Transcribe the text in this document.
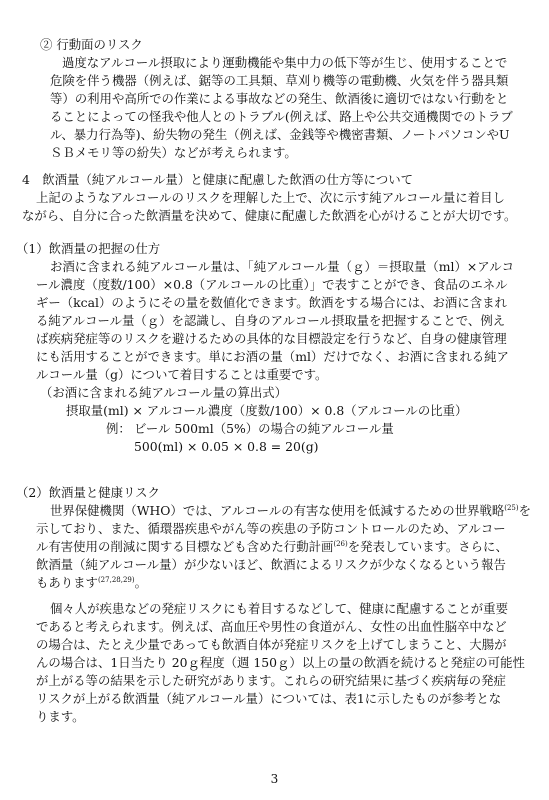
② 行動面のリスク
過度なアルコール摂取により運動機能や集中力の低下等が生じ、使用することで
危険を伴う機器（例えば、鋸等の工具類、草刈り機等の電動機、火気を伴う器具類
等）の利用や高所での作業による事故などの発生、飲酒後に適切ではない行動をと
ることによっての怪我や他人とのトラブル(例えば、路上や公共交通機関でのトラブ
ル、暴力行為等)、紛失物の発生（例えば、金銭等や機密書類、ノートパソコンやU
ＳＢメモリ等の紛失）などが考えられます。
4　飲酒量（純アルコール量）と健康に配慮した飲酒の仕方等について
上記のようなアルコールのリスクを理解した上で、次に示す純アルコール量に着目し
ながら、自分に合った飲酒量を決めて、健康に配慮した飲酒を心がけることが大切です。
（1）飲酒量の把握の仕方
お酒に含まれる純アルコール量は、「純アルコール量（ｇ）＝摂取量（ml）×アルコ
ール濃度（度数/100）×0.8（アルコールの比重）」で表すことができ、食品のエネル
ギー（kcal）のようにその量を数値化できます。飲酒をする場合には、お酒に含まれ
る純アルコール量（ｇ）を認識し、自身のアルコール摂取量を把握することで、例え
ば疾病発症等のリスクを避けるための具体的な目標設定を行うなど、自身の健康管理
にも活用することができます。単にお酒の量（ml）だけでなく、お酒に含まれる純ア
ルコール量（g）について着目することは重要です。
（お酒に含まれる純アルコール量の算出式）
摂取量(ml) × アルコール濃度（度数/100）× 0.8（アルコールの比重）
例： ビール 500ml（5%）の場合の純アルコール量
500(ml) × 0.05 × 0.8 = 20(g)
（2）飲酒量と健康リスク
世界保健機関（WHO）では、アルコールの有害な使用を低減するための世界戦略$^{(25)}$を
示しており、また、循環器疾患やがん等の疾患の予防コントロールのため、アルコー
ル有害使用の削減に関する目標なども含めた行動計画$^{(26)}$を発表しています。さらに、
飲酒量（純アルコール量）が少ないほど、飲酒によるリスクが少なくなるという報告
もあります$^{(27,28,29)}$。
個々人が疾患などの発症リスクにも着目するなどして、健康に配慮することが重要
であると考えられます。例えば、高血圧や男性の食道がん、女性の出血性脳卒中など
の場合は、たとえ少量であっても飲酒自体が発症リスクを上げてしまうこと、大腸が
んの場合は、1日当たり 20ｇ程度（週 150ｇ）以上の量の飲酒を続けると発症の可能性
が上がる等の結果を示した研究があります。これらの研究結果に基づく疾病毎の発症
リスクが上がる飲酒量（純アルコール量）については、表1に示したものが参考とな
ります。
3
